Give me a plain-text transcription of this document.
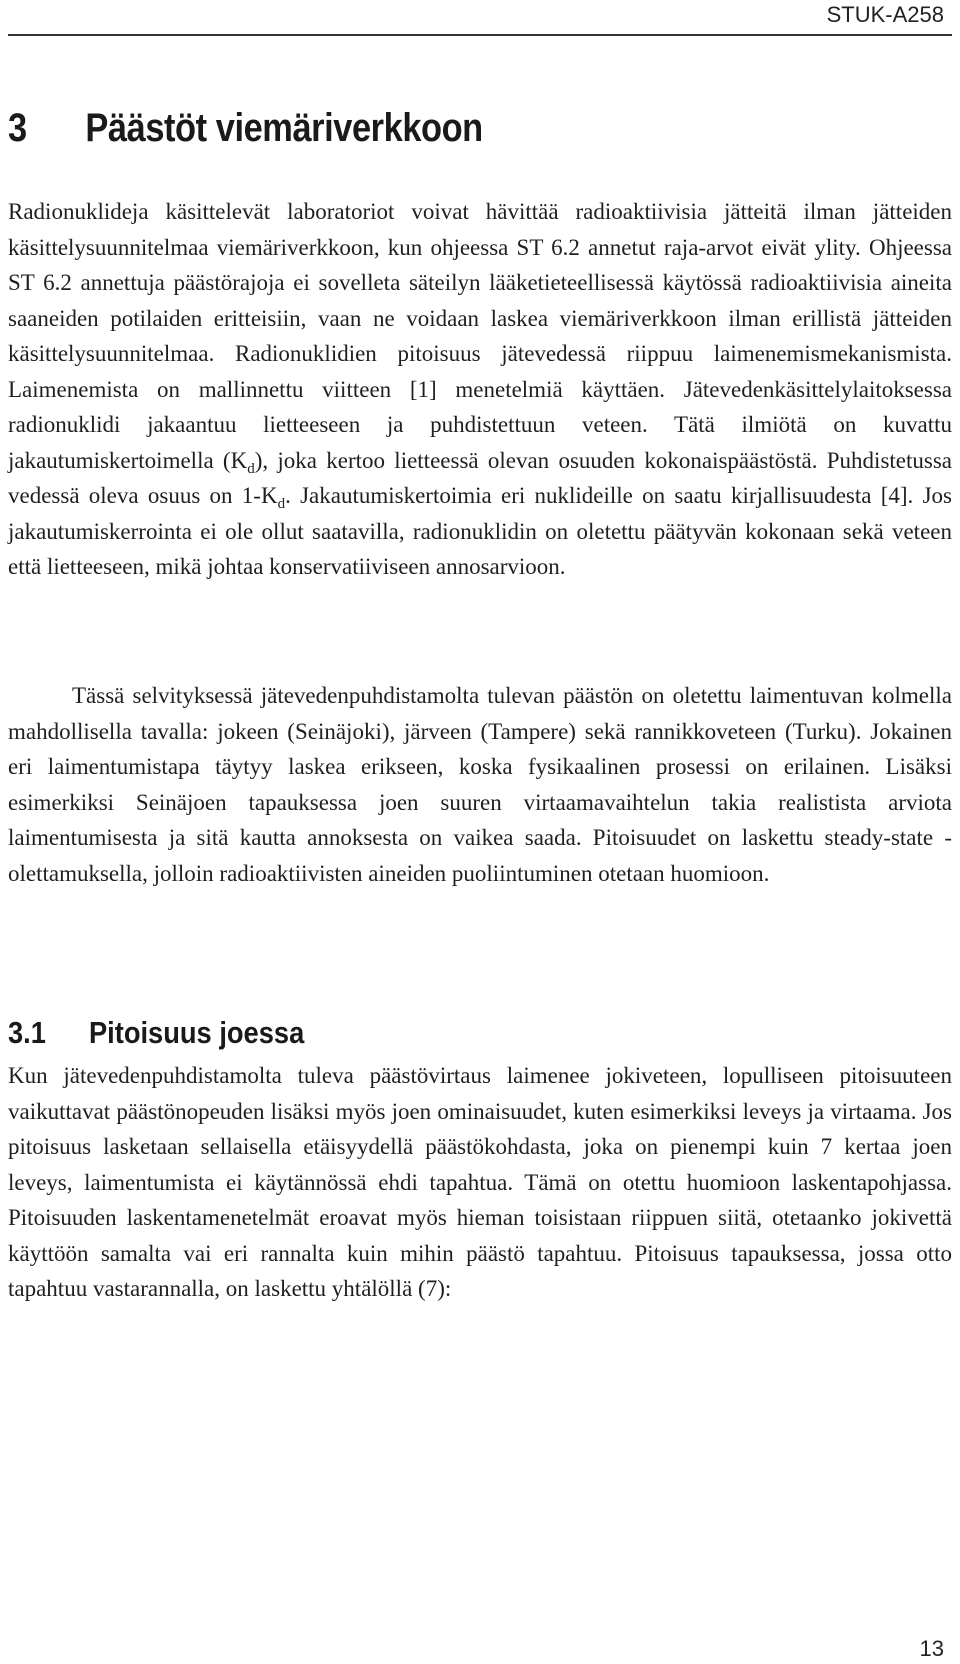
STUK-A258
3 Päästöt viemäriverkkoon

Radionuklideja käsittelevät laboratoriot voivat hävittää radioaktiivisia jätteitä ilman jätteiden käsittelysuunnitelmaa viemäriverkkoon, kun ohjeessa ST 6.2 annetut raja-arvot eivät ylity. Ohjeessa ST 6.2 annettuja päästörajoja ei sovelleta säteilyn lääketieteellisessä käytössä radioaktiivisia aineita saaneiden potilaiden eritteisiin, vaan ne voidaan laskea viemäriverkkoon ilman erillistä jätteiden käsittelysuunnitelmaa. Radionuklidien pitoisuus jätevedessä riippuu laimenemismekanismista. Laimenemista on mallinnettu viitteen [1] menetelmiä käyttäen. Jätevedenkäsittelylaitoksessa radionuklidi jakaantuu lietteeseen ja puhdistettuun veteen. Tätä ilmiötä on kuvattu jakautumiskertoimella $(K_d)$, joka kertoo lietteessä olevan osuuden kokonaispäästöstä. Puhdistetussa vedessä oleva osuus on $1-K_d$. Jakautumiskertoimia eri nuklideille on saatu kirjallisuudesta [4]. Jos jakautumiskerrointa ei ole ollut saatavilla, radionuklidin on oletettu päätyvän kokonaan sekä veteen että lietteeseen, mikä johtaa konservatiiviseen annosarvioon.

Tässä selvityksessä jätevedenpuhdistamolta tulevan päästön on oletettu laimentuvan kolmella mahdollisella tavalla: jokeen (Seinäjoki), järveen (Tampere) sekä rannikkoveteen (Turku). Jokainen eri laimentumistapa täytyy laskea erikseen, koska fysikaalinen prosessi on erilainen. Lisäksi esimerkiksi Seinäjoen tapauksessa joen suuren virtaamavaihtelun takia realistista arviota laimentumisesta ja sitä kautta annoksesta on vaikea saada. Pitoisuudet on laskettu steady-state -olettamuksella, jolloin radioaktiivisten aineiden puoliintuminen otetaan huomioon.

3.1 Pitoisuus joessa

Kun jätevedenpuhdistamolta tuleva päästövirtaus laimenee jokiveteen, lopulliseen pitoisuuteen vaikuttavat päästönopeuden lisäksi myös joen ominaisuudet, kuten esimerkiksi leveys ja virtaama. Jos pitoisuus lasketaan sellaisella etäisyydellä päästökohdasta, joka on pienempi kuin 7 kertaa joen leveys, laimentumista ei käytännössä ehdi tapahtua. Tämä on otettu huomioon laskentapohjassa. Pitoisuuden laskentamenetelmät eroavat myös hieman toisistaan riippuen siitä, otetaanko jokivettä käyttöön samalta vai eri rannalta kuin mihin päästö tapahtuu. Pitoisuus tapauksessa, jossa otto tapahtuu vastarannalla, on laskettu yhtälöllä (7):

13
